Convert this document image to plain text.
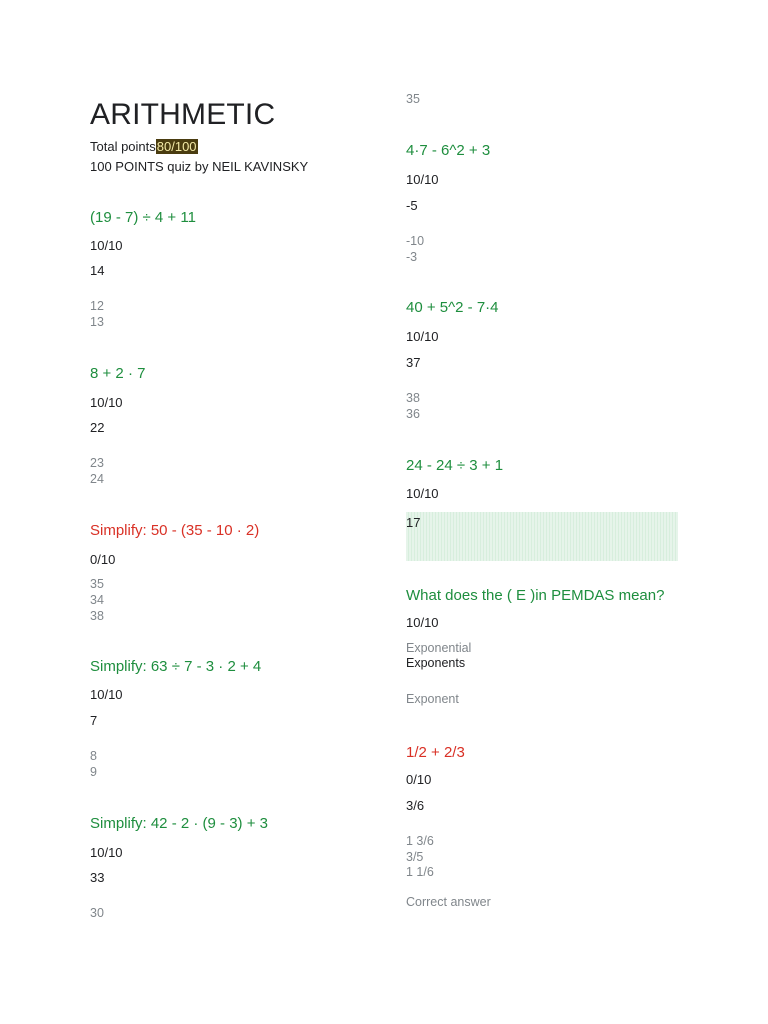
ARITHMETIC
Total points80/100
100 POINTS quiz by NEIL KAVINSKY
(19 - 7) ÷ 4 + 11
10/10
14
12
13
8 + 2 · 7
10/10
22
23
24
Simplify: 50 - (35 - 10 · 2)
0/10
35
34
38
Simplify: 63 ÷ 7 - 3 · 2 + 4
10/10
7
8
9
Simplify: 42 - 2 · (9 - 3) + 3
10/10
33
30
35
4·7 - 6^2 + 3
10/10
-5
-10
-3
40 + 5^2 - 7·4
10/10
37
38
36
24 - 24 ÷ 3 + 1
10/10
17
What does the ( E )in PEMDAS mean?
10/10
Exponential
Exponents
Exponent
1/2 + 2/3
0/10
3/6
1 3/6
3/5
1 1/6
Correct answer
